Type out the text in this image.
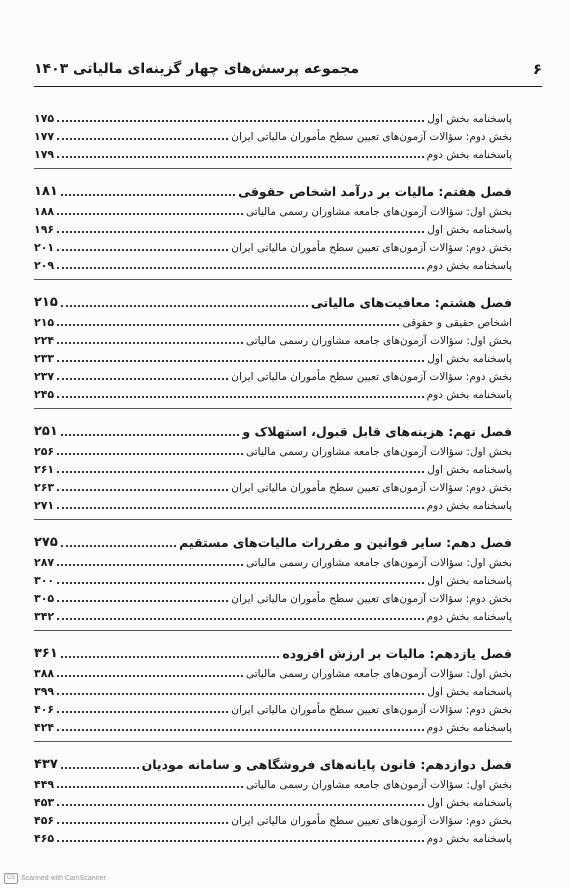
۶
مجموعه پرسش‌های چهار گزینه‌ای مالیاتی ۱۴۰۳
پاسخنامه بخش اول
۱۷۵
بخش دوم: سؤالات آزمون‌های تعیین سطح مأموران مالیاتی ایران
۱۷۷
پاسخنامه بخش دوم
۱۷۹
فصل هفتم: مالیات بر درآمد اشخاص حقوقی
۱۸۱
بخش اول: سؤالات آزمون‌های جامعه مشاوران رسمی مالیاتی
۱۸۸
پاسخنامه بخش اول
۱۹۶
بخش دوم: سؤالات آزمون‌های تعیین سطح مأموران مالیاتی ایران
۲۰۱
پاسخنامه بخش دوم
۲۰۹
فصل هشتم: معافیت‌های مالیاتی
۲۱۵
اشخاص حقیقی و حقوقی
۲۱۵
بخش اول: سؤالات آزمون‌های جامعه مشاوران رسمی مالیاتی
۲۲۴
پاسخنامه بخش اول
۲۳۳
بخش دوم: سؤالات آزمون‌های تعیین سطح مأموران مالیاتی ایران
۲۳۷
پاسخنامه بخش دوم
۲۴۵
فصل نهم: هزینه‌های قابل قبول، استهلاک و
۲۵۱
بخش اول: سؤالات آزمون‌های جامعه مشاوران رسمی مالیاتی
۲۵۶
پاسخنامه بخش اول
۲۶۱
بخش دوم: سؤالات آزمون‌های تعیین سطح مأموران مالیاتی ایران
۲۶۳
پاسخنامه بخش دوم
۲۷۱
فصل دهم: سایر قوانین و مقررات مالیات‌های مستقیم
۲۷۵
بخش اول: سؤالات آزمون‌های جامعه مشاوران رسمی مالیاتی
۲۸۷
پاسخنامه بخش اول
۳۰۰
بخش دوم: سؤالات آزمون‌های تعیین سطح مأموران مالیاتی ایران
۳۰۵
پاسخنامه بخش دوم
۳۴۲
فصل یازدهم: مالیات بر ارزش افزوده
۳۶۱
بخش اول: سؤالات آزمون‌های جامعه مشاوران رسمی مالیاتی
۳۸۸
پاسخنامه بخش اول
۳۹۹
بخش دوم: سؤالات آزمون‌های تعیین سطح مأموران مالیاتی ایران
۴۰۶
پاسخنامه بخش دوم
۴۲۴
فصل دوازدهم: قانون پایانه‌های فروشگاهی و سامانه مودیان
۴۳۷
بخش اول: سؤالات آزمون‌های جامعه مشاوران رسمی مالیاتی
۴۴۹
پاسخنامه بخش اول
۴۵۳
بخش دوم: سؤالات آزمون‌های تعیین سطح مأموران مالیاتی ایران
۴۵۶
پاسخنامه بخش دوم
۴۶۵
CS Scanned with CamScanner
